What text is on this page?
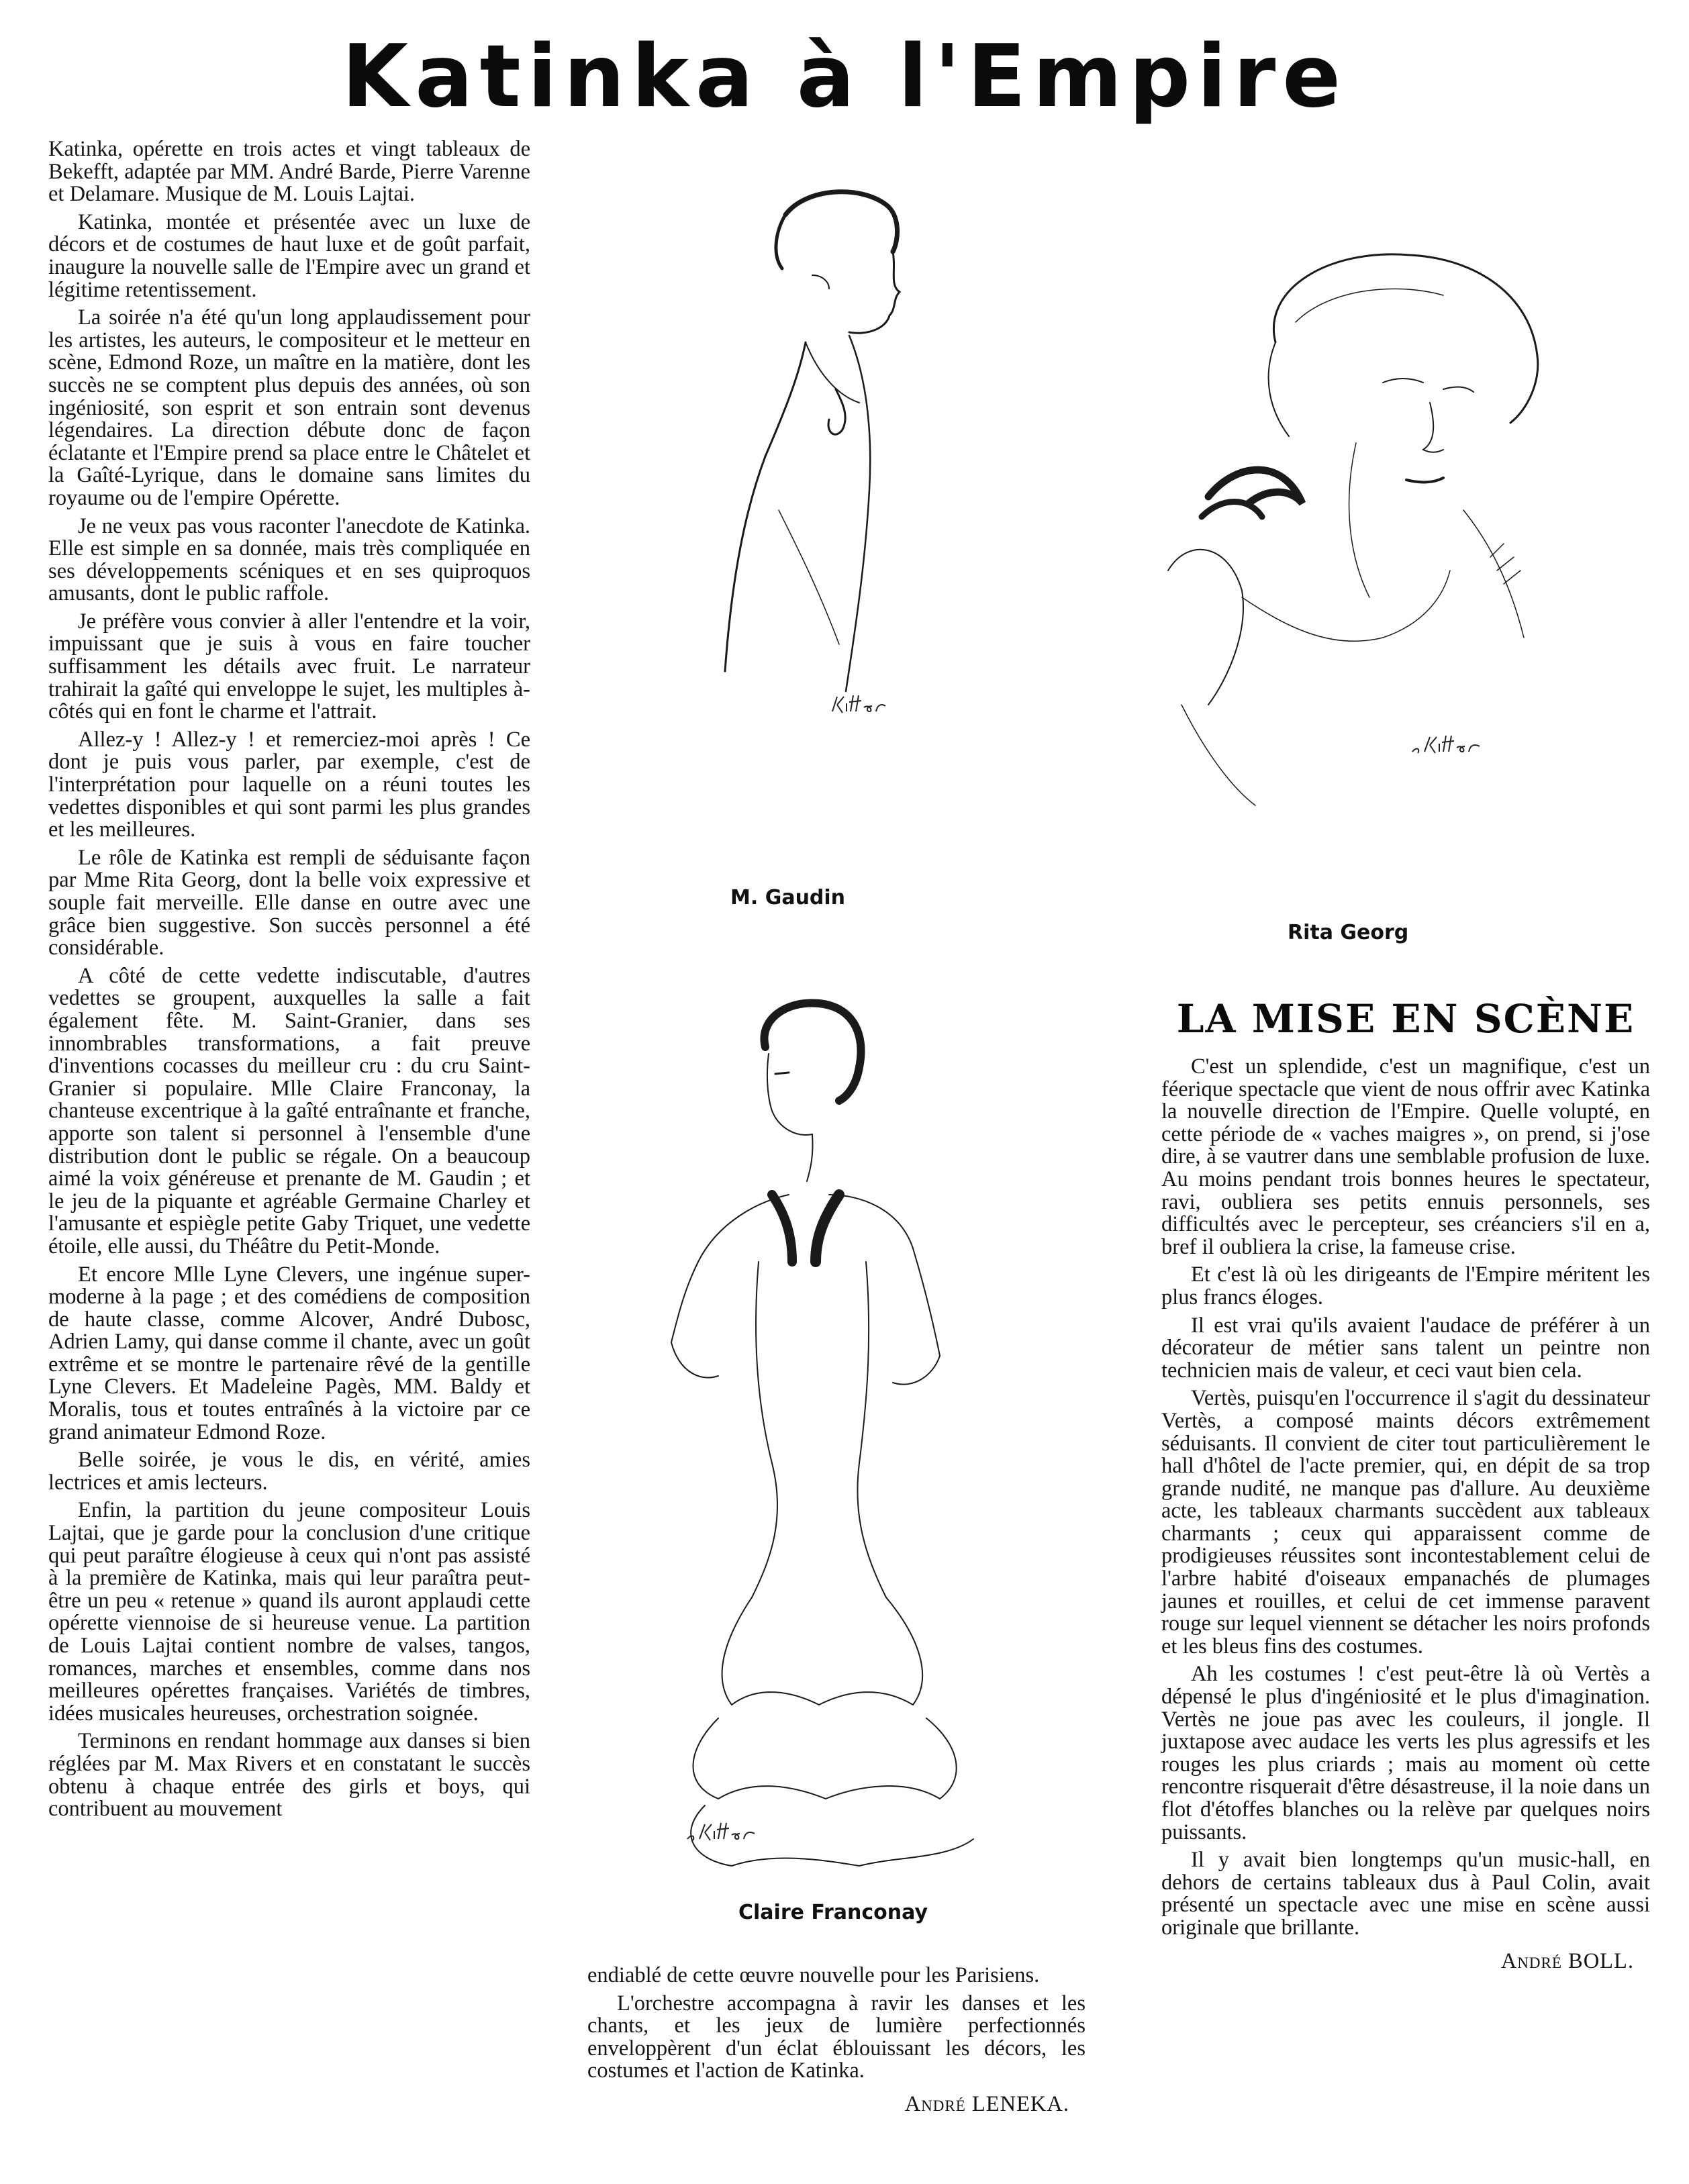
Katinka à l'Empire

Katinka, opérette en trois actes et vingt tableaux de Bekefft, adaptée par MM. André Barde, Pierre Varenne et Delamare. Musique de M. Louis Lajtai.

Katinka, montée et présentée avec un luxe de décors et de costumes de haut luxe et de goût parfait, inaugure la nouvelle salle de l'Empire avec un grand et légitime retentissement.

La soirée n'a été qu'un long applaudissement pour les artistes, les auteurs, le compositeur et le metteur en scène, Edmond Roze, un maître en la matière, dont les succès ne se comptent plus depuis des années, où son ingéniosité, son esprit et son entrain sont devenus légendaires. La direction débute donc de façon éclatante et l'Empire prend sa place entre le Châtelet et la Gaîté-Lyrique, dans le domaine sans limites du royaume ou de l'empire Opérette.

Je ne veux pas vous raconter l'anecdote de Katinka. Elle est simple en sa donnée, mais très compliquée en ses développements scéniques et en ses quiproquos amusants, dont le public raffole.

Je préfère vous convier à aller l'entendre et la voir, impuissant que je suis à vous en faire toucher suffisamment les détails avec fruit. Le narrateur trahirait la gaîté qui enveloppe le sujet, les multiples à-côtés qui en font le charme et l'attrait.

Allez-y ! Allez-y ! et remerciez-moi après ! Ce dont je puis vous parler, par exemple, c'est de l'interprétation pour laquelle on a réuni toutes les vedettes disponibles et qui sont parmi les plus grandes et les meilleures.

Le rôle de Katinka est rempli de séduisante façon par Mme Rita Georg, dont la belle voix expressive et souple fait merveille. Elle danse en outre avec une grâce bien suggestive. Son succès personnel a été considérable.

A côté de cette vedette indiscutable, d'autres vedettes se groupent, auxquelles la salle a fait également fête. M. Saint-Granier, dans ses innombrables transformations, a fait preuve d'inventions cocasses du meilleur cru : du cru Saint-Granier si populaire. Mlle Claire Franconay, la chanteuse excentrique à la gaîté entraînante et franche, apporte son talent si personnel à l'ensemble d'une distribution dont le public se régale. On a beaucoup aimé la voix généreuse et prenante de M. Gaudin ; et le jeu de la piquante et agréable Germaine Charley et l'amusante et espiègle petite Gaby Triquet, une vedette étoile, elle aussi, du Théâtre du Petit-Monde.

Et encore Mlle Lyne Clevers, une ingénue super-moderne à la page ; et des comédiens de composition de haute classe, comme Alcover, André Dubosc, Adrien Lamy, qui danse comme il chante, avec un goût extrême et se montre le partenaire rêvé de la gentille Lyne Clevers. Et Madeleine Pagès, MM. Baldy et Moralis, tous et toutes entraînés à la victoire par ce grand animateur Edmond Roze.

Belle soirée, je vous le dis, en vérité, amies lectrices et amis lecteurs.

Enfin, la partition du jeune compositeur Louis Lajtai, que je garde pour la conclusion d'une critique qui peut paraître élogieuse à ceux qui n'ont pas assisté à la première de Katinka, mais qui leur paraîtra peut-être un peu « retenue » quand ils auront applaudi cette opérette viennoise de si heureuse venue. La partition de Louis Lajtai contient nombre de valses, tangos, romances, marches et ensembles, comme dans nos meilleures opérettes françaises. Variétés de timbres, idées musicales heureuses, orchestration soignée.

Terminons en rendant hommage aux danses si bien réglées par M. Max Rivers et en constatant le succès obtenu à chaque entrée des girls et boys, qui contribuent au mouvement

M. Gaudin
Rita Georg
Claire Franconay

endiablé de cette œuvre nouvelle pour les Parisiens.

L'orchestre accompagna à ravir les danses et les chants, et les jeux de lumière perfectionnés enveloppèrent d'un éclat éblouissant les décors, les costumes et l'action de Katinka.

André LENEKA.
LA MISE EN SCÈNE

C'est un splendide, c'est un magnifique, c'est un féerique spectacle que vient de nous offrir avec Katinka la nouvelle direction de l'Empire. Quelle volupté, en cette période de « vaches maigres », on prend, si j'ose dire, à se vautrer dans une semblable profusion de luxe. Au moins pendant trois bonnes heures le spectateur, ravi, oubliera ses petits ennuis personnels, ses difficultés avec le percepteur, ses créanciers s'il en a, bref il oubliera la crise, la fameuse crise.

Et c'est là où les dirigeants de l'Empire méritent les plus francs éloges.

Il est vrai qu'ils avaient l'audace de préférer à un décorateur de métier sans talent un peintre non technicien mais de valeur, et ceci vaut bien cela.

Vertès, puisqu'en l'occurrence il s'agit du dessinateur Vertès, a composé maints décors extrêmement séduisants. Il convient de citer tout particulièrement le hall d'hôtel de l'acte premier, qui, en dépit de sa trop grande nudité, ne manque pas d'allure. Au deuxième acte, les tableaux charmants succèdent aux tableaux charmants ; ceux qui apparaissent comme de prodigieuses réussites sont incontestablement celui de l'arbre habité d'oiseaux empanachés de plumages jaunes et rouilles, et celui de cet immense paravent rouge sur lequel viennent se détacher les noirs profonds et les bleus fins des costumes.

Ah les costumes ! c'est peut-être là où Vertès a dépensé le plus d'ingéniosité et le plus d'imagination. Vertès ne joue pas avec les couleurs, il jongle. Il juxtapose avec audace les verts les plus agressifs et les rouges les plus criards ; mais au moment où cette rencontre risquerait d'être désastreuse, il la noie dans un flot d'étoffes blanches ou la relève par quelques noirs puissants.

Il y avait bien longtemps qu'un music-hall, en dehors de certains tableaux dus à Paul Colin, avait présenté un spectacle avec une mise en scène aussi originale que brillante.

André BOLL.
